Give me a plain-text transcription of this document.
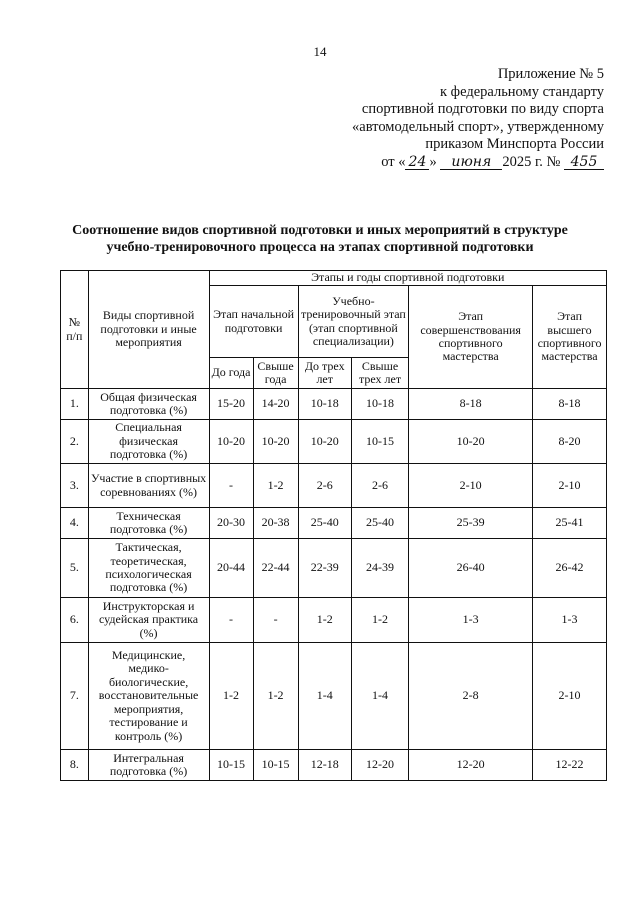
14
Приложение № 5
к федеральному стандарту
спортивной подготовки по виду спорта
«автомодельный спорт», утвержденному
приказом Минспорта России
от « 24 » июня 2025 г. № 455
Соотношение видов спортивной подготовки и иных мероприятий в структуре
учебно-тренировочного процесса на этапах спортивной подготовки
№ п/п	Виды спортивной подготовки и иные мероприятия	Этапы и годы спортивной подготовки					
		Этап начальной подготовки		Учебно-тренировочный этап (этап спортивной специализации)		Этап совершенствования спортивного мастерства	Этап высшего спортивного мастерства
		До года	Свыше года	До трех лет	Свыше трех лет		
1.	Общая физическая подготовка (%)	15-20	14-20	10-18	10-18	8-18	8-18
2.	Специальная физическая подготовка (%)	10-20	10-20	10-20	10-15	10-20	8-20
3.	Участие в спортивных соревнованиях (%)	-	1-2	2-6	2-6	2-10	2-10
4.	Техническая подготовка (%)	20-30	20-38	25-40	25-40	25-39	25-41
5.	Тактическая, теоретическая, психологическая подготовка (%)	20-44	22-44	22-39	24-39	26-40	26-42
6.	Инструкторская и судейская практика (%)	-	-	1-2	1-2	1-3	1-3
7.	Медицинские, медико-биологические, восстановительные мероприятия, тестирование и контроль (%)	1-2	1-2	1-4	1-4	2-8	2-10
8.	Интегральная подготовка (%)	10-15	10-15	12-18	12-20	12-20	12-22
